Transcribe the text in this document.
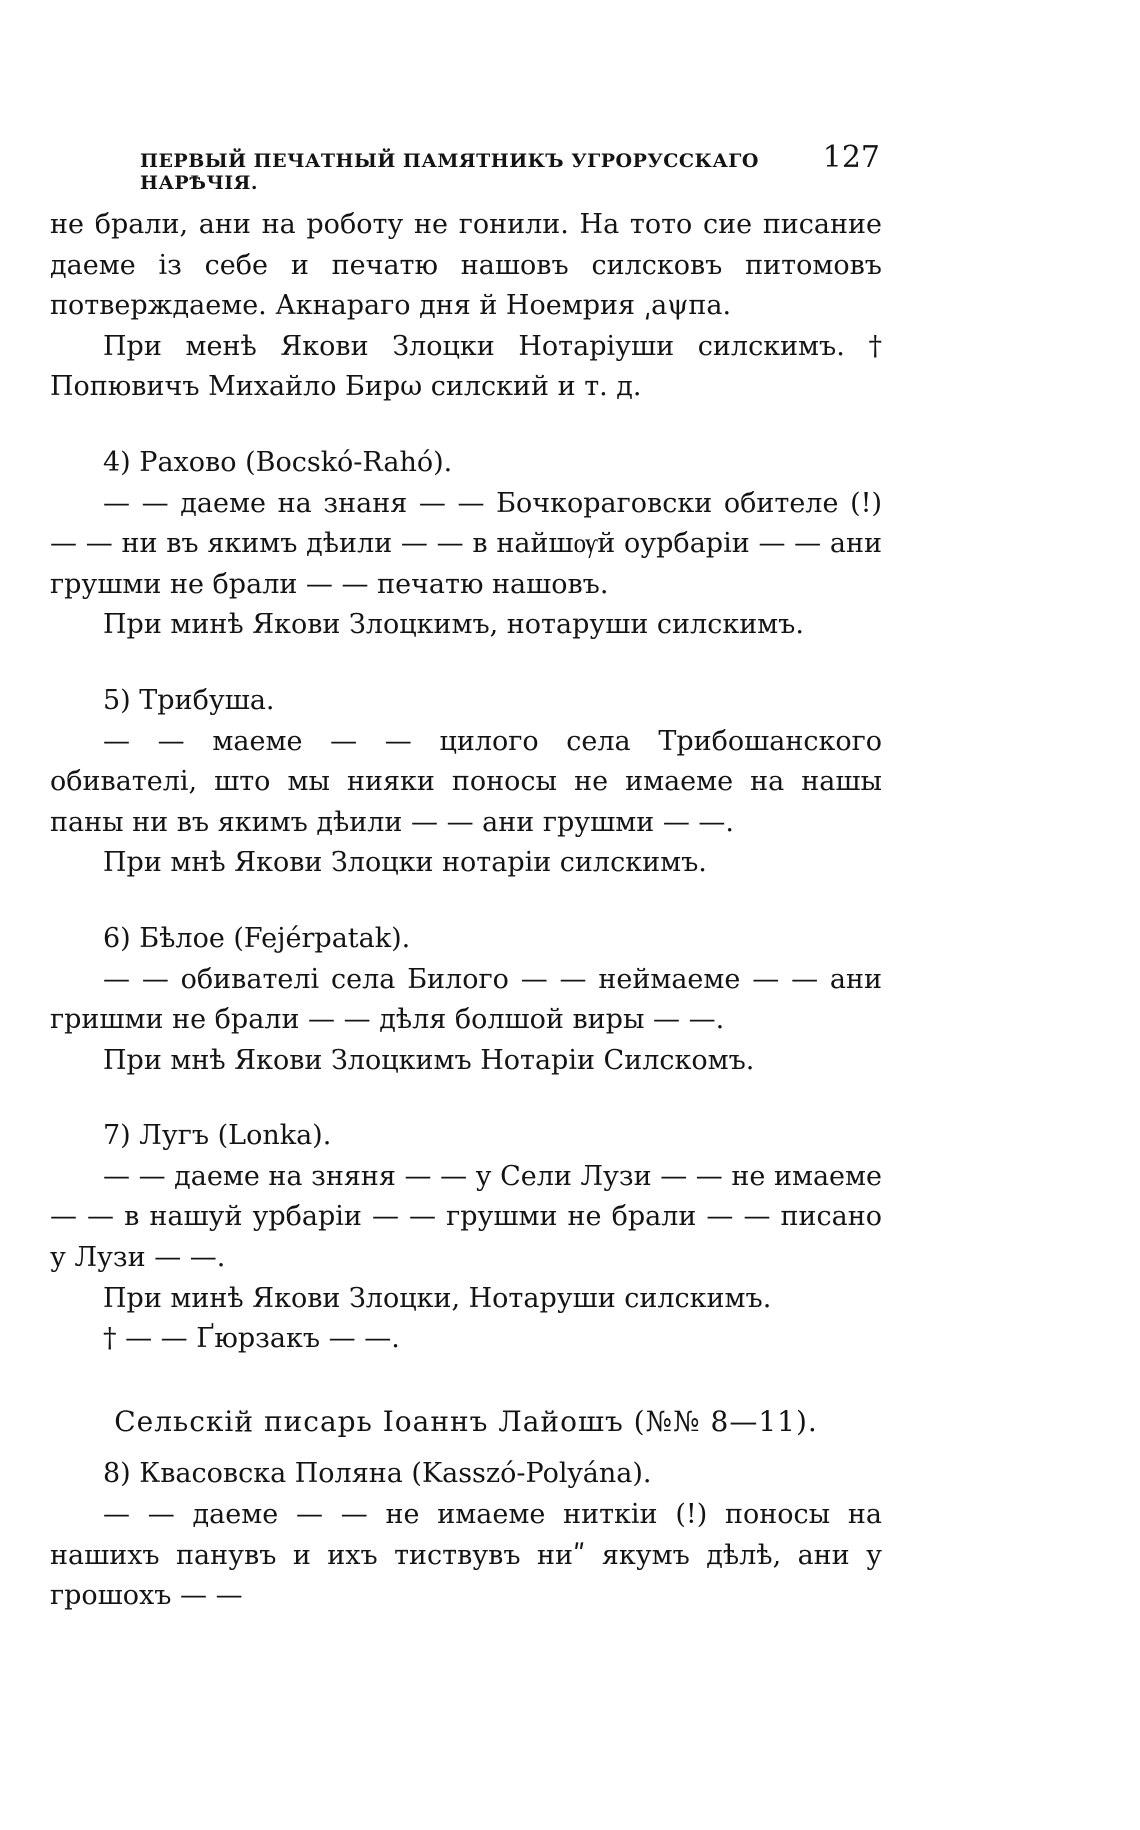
ПЕРВЫЙ ПЕЧАТНЫЙ ПАМЯТНИКЪ УГРОРУССКАГО НАРѢЧІЯ.
127

не брали, ани на роботу не гонили. На тото сие писание даеме із себе и печатю нашовъ силсковъ питомовъ потверждаеме. Акнараго дня й Ноемрия ͵аψпа.

При менѣ Якови Злоцки Нотаріуши силскимъ. † Попювичъ Михайло Бирω силский и т. д.

4) Рахово (Bocskó-Rahó).

— — даеме на знаня — — Бочкораговски обителе (!) — — ни въ якимъ дѣили — — в найшѹй оурбаріи — — ани грушми не брали — — печатю нашовъ.

При минѣ Якови Злоцкимъ, нотаруши силскимъ.

5) Трибуша.

— — маеме — — цилого села Трибошанского обивателі, што мы нияки поносы не имаеме на нашы паны ни въ якимъ дѣили — — ани грушми — —.

При мнѣ Якови Злоцки нотаріи силскимъ.

6) Бѣлое (Fejérpatak).

— — обивателі села Билого — — неймаеме — — ани гришми не брали — — дѣля болшой виры — —.

При мнѣ Якови Злоцкимъ Нотаріи Силскомъ.

7) Лугъ (Lonka).

— — даеме на зняня — — у Сели Лузи — — не имаеме — — в нашуй урбаріи — — грушми не брали — — писано у Лузи — —.

При минѣ Якови Злоцки, Нотаруши силскимъ.

† — — Ґюрзакъ — —.

Сельскій писарь Іоаннъ Лайошъ (№№ 8—11).

8) Квасовска Поляна (Kasszó-Polyána).

— — даеме — — не имаеме ниткіи (!) поносы на нашихъ панувъ и ихъ тиствувъ ниʺ якумъ дѣлѣ, ани у грошохъ — —
